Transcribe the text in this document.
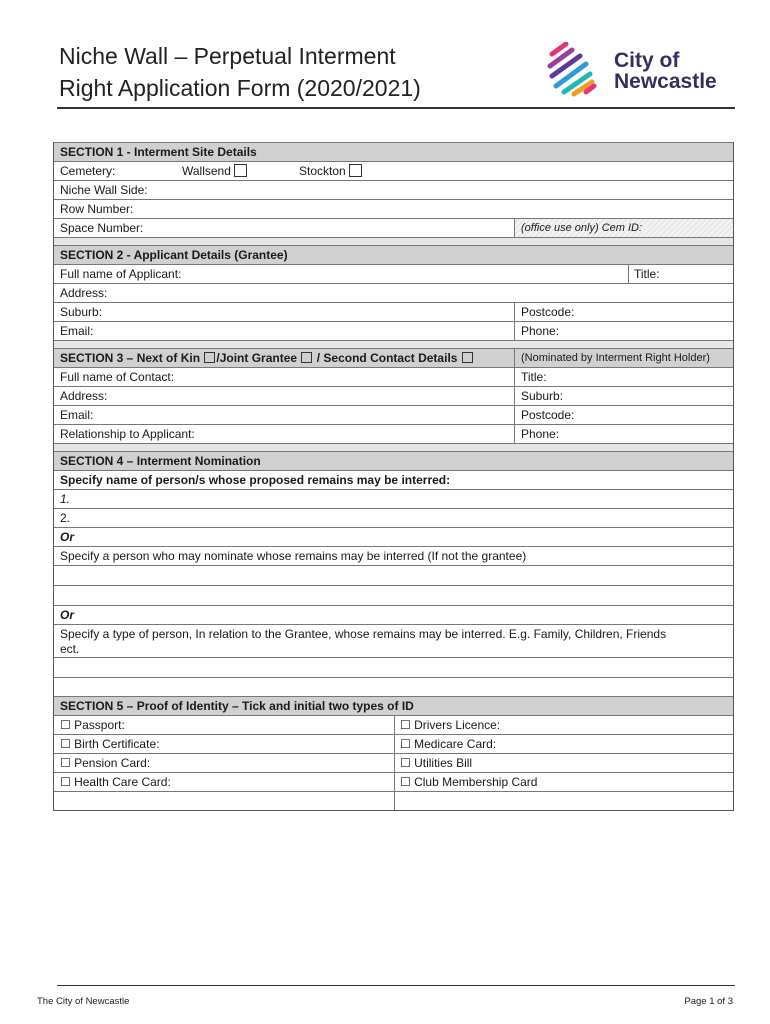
Niche Wall – Perpetual Interment
Right Application Form (2020/2021)
City of
Newcastle
SECTION 1 - Interment Site Details
Cemetery:	Wallsend	Stockton
Niche Wall Side:
Row Number:
Space Number:	(office use only) Cem ID:
SECTION 2 - Applicant Details (Grantee)
Full name of Applicant:	Title:
Address:
Suburb:	Postcode:
Email:	Phone:
SECTION 3 – Next of Kin /Joint Grantee / Second Contact Details	(Nominated by Interment Right Holder)
Full name of Contact:	Title:
Address:	Suburb:
Email:	Postcode:
Relationship to Applicant:	Phone:
SECTION 4 – Interment Nomination
Specify name of person/s whose proposed remains may be interred:
1.
2.
Or
Specify a person who may nominate whose remains may be interred (If not the grantee)
Or
Specify a type of person, In relation to the Grantee, whose remains may be interred. E.g. Family, Children, Friends
ect.
SECTION 5 – Proof of Identity – Tick and initial two types of ID
☐ Passport:	☐ Drivers Licence:
☐ Birth Certificate:	☐ Medicare Card:
☐ Pension Card:	☐ Utilities Bill
☐ Health Care Card:	☐ Club Membership Card
The City of Newcastle	Page 1 of 3
